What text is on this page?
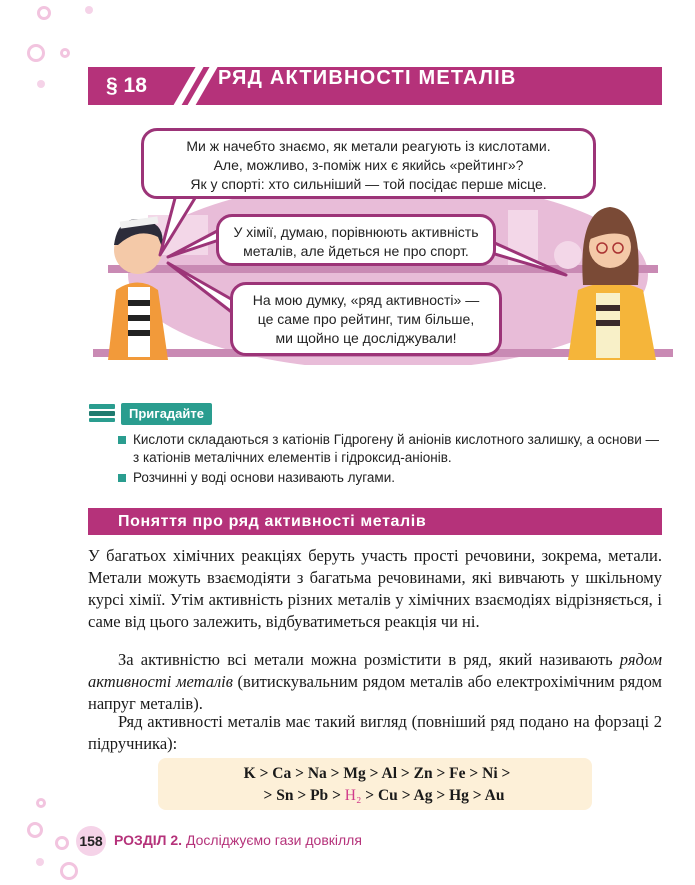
§ 18	РЯД АКТИВНОСТІ МЕТАЛІВ
Ми ж начебто знаємо, як метали реагують із кислотами.
Але, можливо, з-поміж них є якийсь «рейтинг»?
Як у спорті: хто сильніший — той посідає перше місце.
У хімії, думаю, порівнюють активність
металів, але йдеться не про спорт.
На мою думку, «ряд активності» —
це саме про рейтинг, тим більше,
ми щойно це досліджували!
Пригадайте
Кислоти складаються з катіонів Гідрогену й аніонів кислотного залишку, а основи — з катіонів металічних елементів і гідроксид-аніонів.
Розчинні у воді основи називають лугами.
Поняття про ряд активності металів
У багатьох хімічних реакціях беруть участь прості речовини, зокрема, метали. Метали можуть взаємодіяти з багатьма речовинами, які вивчають у шкільному курсі хімії. Утім активність різних металів у хімічних взаємодіях відрізняється, і саме від цього залежить, відбуватиметься реакція чи ні.
За активністю всі метали можна розмістити в ряд, який називають рядом активності металів (витискувальним рядом металів або електрохімічним рядом напруг металів).
Ряд активності металів має такий вигляд (повніший ряд подано на форзаці 2 підручника):
K > Ca > Na > Mg > Al > Zn > Fe > Ni >
> Sn > Pb > H₂ > Cu > Ag > Hg > Au
158 РОЗДІЛ 2. Досліджуємо гази довкілля
